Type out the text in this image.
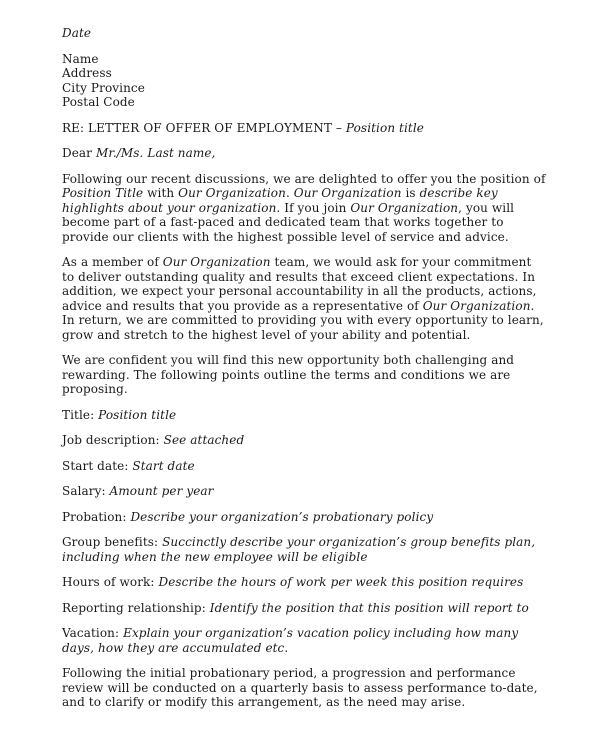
Date

Name

Address

City Province

Postal Code

RE: LETTER OF OFFER OF EMPLOYMENT – Position title

Dear Mr./Ms. Last name,

Following our recent discussions, we are delighted to offer you the position of Position Title with Our Organization. Our Organization is describe key highlights about your organization. If you join Our Organization, you will become part of a fast-paced and dedicated team that works together to provide our clients with the highest possible level of service and advice.

As a member of Our Organization team, we would ask for your commitment to deliver outstanding quality and results that exceed client expectations. In addition, we expect your personal accountability in all the products, actions, advice and results that you provide as a representative of Our Organization. In return, we are committed to providing you with every opportunity to learn, grow and stretch to the highest level of your ability and potential.

We are confident you will find this new opportunity both challenging and rewarding. The following points outline the terms and conditions we are proposing.

Title: Position title

Job description: See attached

Start date: Start date

Salary: Amount per year

Probation: Describe your organization’s probationary policy

Group benefits: Succinctly describe your organization’s group benefits plan, including when the new employee will be eligible

Hours of work: Describe the hours of work per week this position requires

Reporting relationship: Identify the position that this position will report to

Vacation: Explain your organization’s vacation policy including how many days, how they are accumulated etc.

Following the initial probationary period, a progression and performance review will be conducted on a quarterly basis to assess performance to-date, and to clarify or modify this arrangement, as the need may arise.
